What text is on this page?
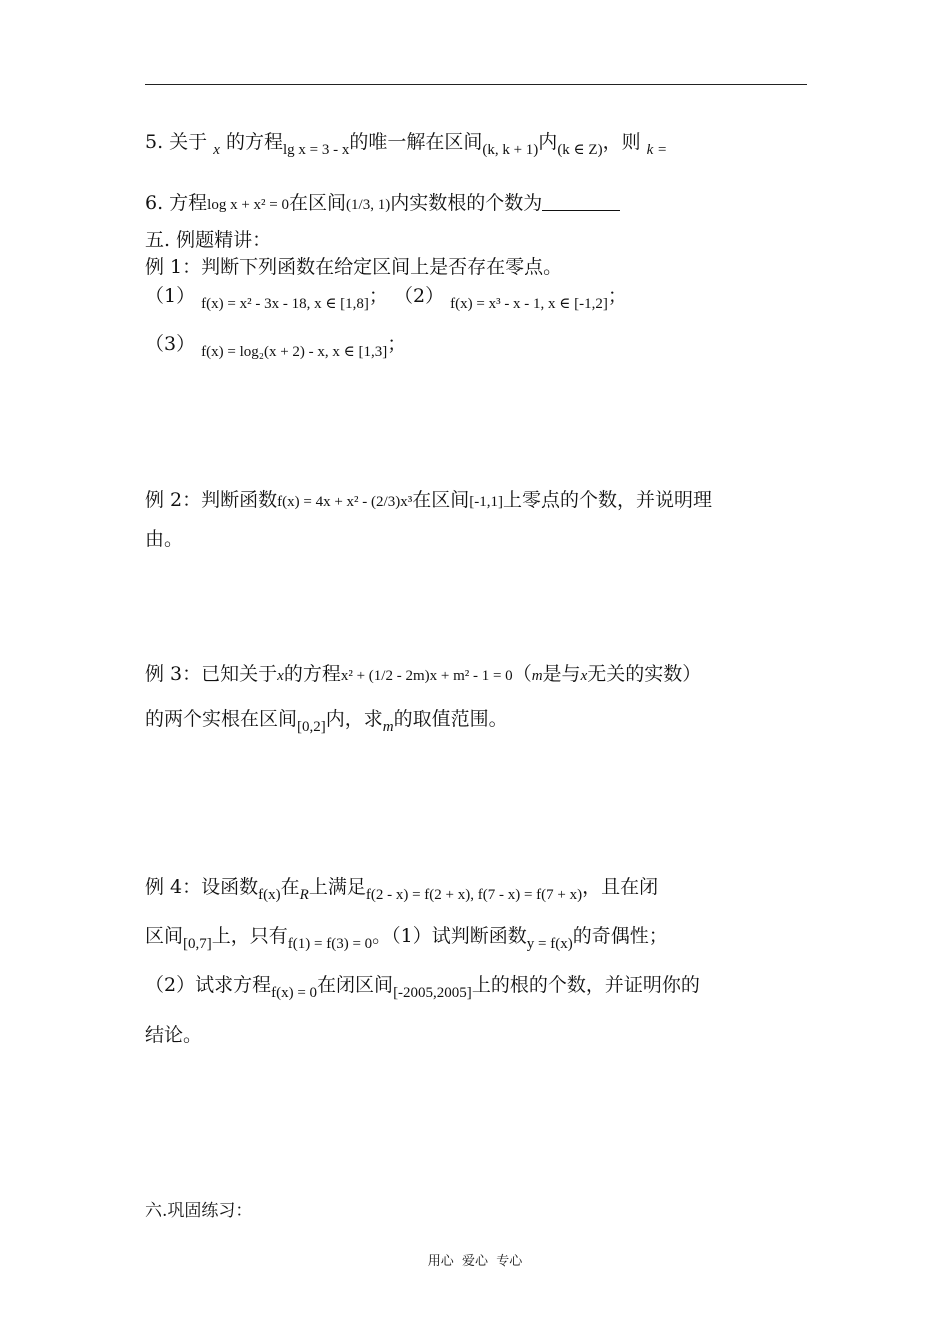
5. 关于 $_x$ 的方程$_{lg x = 3 - x}$的唯一解在区间$_{(k, k + 1)}$内$_{(k \in Z)}$，则 $_{k =}$
6. 方程log x + x² = 0在区间(1/3, 1)内实数根的个数为
五. 例题精讲：
例 1：判断下列函数在给定区间上是否存在零点。
（1） $_{f(x) = x^2 - 3x - 18, x \in [1,8]}$； （2） $_{f(x) = x^3 - x - 1, x \in [-1,2]}$；
（3） $_{f(x) = log_2(x + 2) - x, x \in [1,3]}$；
例 2：判断函数f(x) = 4x + x² - (2/3)x³在区间[-1,1]上零点的个数，并说明理
由。
例 3：已知关于x的方程x² + (1/2 - 2m)x + m² - 1 = 0（m是与x无关的实数）
的两个实根在区间$_{[0,2]}$内，求$_m$的取值范围。
例 4：设函数$_{f(x)}$在$_R$上满足$_{f(2 - x) = f(2 + x), f(7 - x) = f(7 + x)}$，且在闭
区间$_{[0,7]}$上，只有$_{f(1) = f(3) = 0}$。（1）试判断函数$_{y = f(x)}$的奇偶性；
（2）试求方程$_{f(x) = 0}$在闭区间$_{[-2005,2005]}$上的根的个数，并证明你的
结论。
六.巩固练习：
用心 爱心 专心
